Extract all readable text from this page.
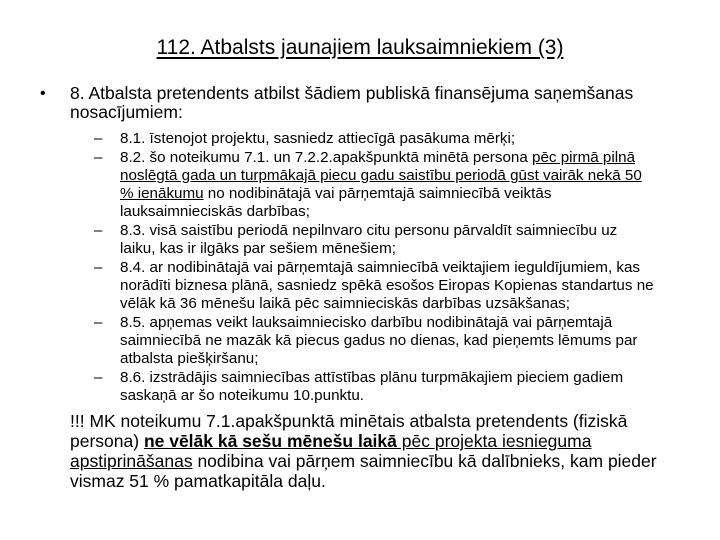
112. Atbalsts jaunajiem lauksaimniekiem (3)
•	8. Atbalsta pretendents atbilst šādiem publiskā finansējuma saņemšanas nosacījumiem:
–	8.1. īstenojot projektu, sasniedz attiecīgā pasākuma mērķi;
–	8.2. šo noteikumu 7.1. un 7.2.2.apakšpunktā minētā persona pēc pirmā pilnā noslēgtā gada un turpmākajā piecu gadu saistību periodā gūst vairāk nekā 50 % ienākumu no nodibinātajā vai pārņemtajā saimniecībā veiktās lauksaimnieciskās darbības;
–	8.3. visā saistību periodā nepilnvaro citu personu pārvaldīt saimniecību uz laiku, kas ir ilgāks par sešiem mēnešiem;
–	8.4. ar nodibinātajā vai pārņemtajā saimniecībā veiktajiem ieguldījumiem, kas norādīti biznesa plānā, sasniedz spēkā esošos Eiropas Kopienas standartus ne vēlāk kā 36 mēnešu laikā pēc saimnieciskās darbības uzsākšanas;
–	8.5. apņemas veikt lauksaimniecisko darbību nodibinātajā vai pārņemtajā saimniecībā ne mazāk kā piecus gadus no dienas, kad pieņemts lēmums par atbalsta piešķiršanu;
–	8.6. izstrādājis saimniecības attīstības plānu turpmākajiem pieciem gadiem saskaņā ar šo noteikumu 10.punktu.
!!! MK noteikumu 7.1.apakšpunktā minētais atbalsta pretendents (fiziskā persona) ne vēlāk kā sešu mēnešu laikā pēc projekta iesnieguma apstiprināšanas nodibina vai pārņem saimniecību kā dalībnieks, kam pieder vismaz 51 % pamatkapitāla daļu.
